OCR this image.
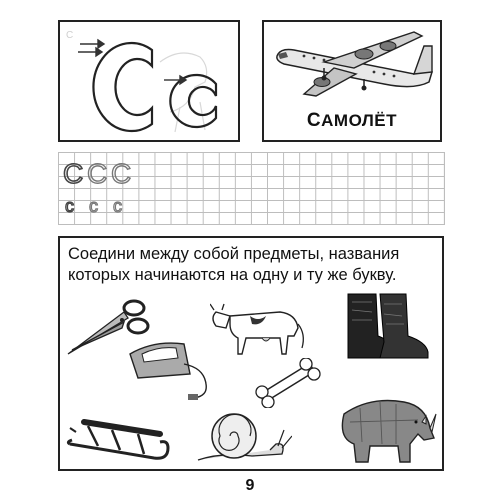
С
САМОЛЁТ
С С С
с с с
Соедини между собой предметы, названия которых начинаются на одну и ту же букву.
9
